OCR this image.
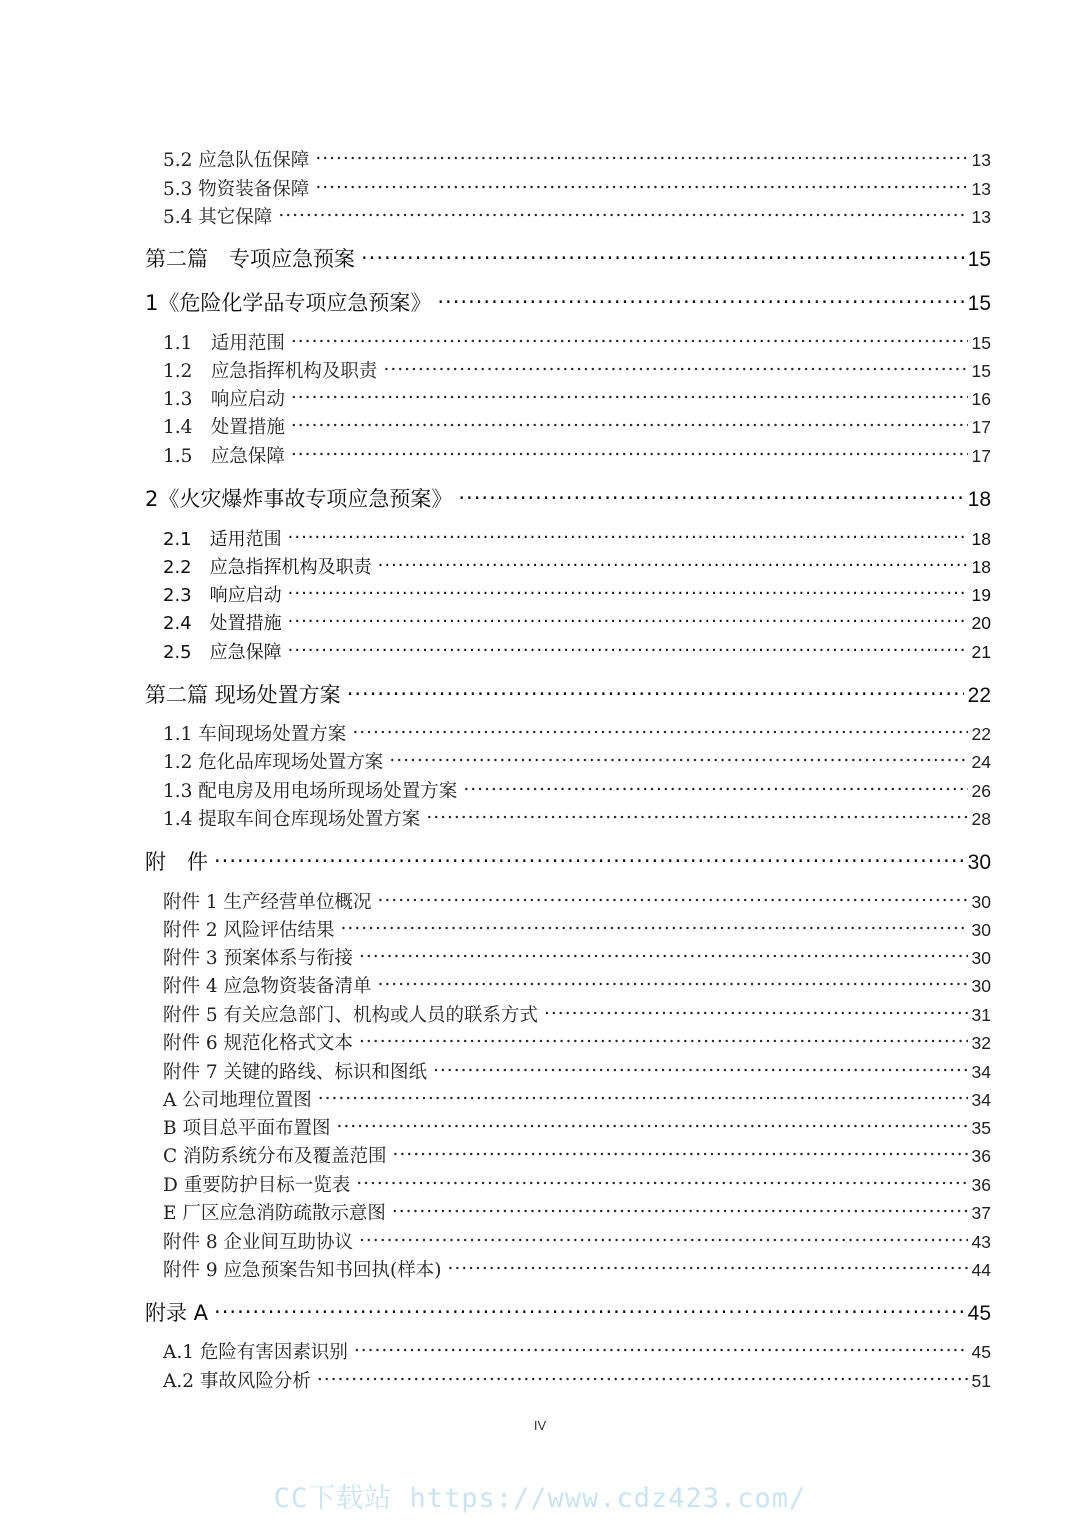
5.2 应急队伍保障 .....	13
5.3 物资装备保障 .....	13
5.4 其它保障 .....	13
第二篇　专项应急预案 .....	15
1《危险化学品专项应急预案》 .....	15
1.1　适用范围 .....	15
1.2　应急指挥机构及职责 .....	15
1.3　响应启动 .....	16
1.4　处置措施 .....	17
1.5　应急保障 .....	17
2《火灾爆炸事故专项应急预案》 .....	18
2.1　适用范围 .....	18
2.2　应急指挥机构及职责 .....	18
2.3　响应启动 .....	19
2.4　处置措施 .....	20
2.5　应急保障 .....	21
第二篇 现场处置方案 .....	22
1.1 车间现场处置方案 .....	22
1.2 危化品库现场处置方案 .....	24
1.3 配电房及用电场所现场处置方案 .....	26
1.4 提取车间仓库现场处置方案 .....	28
附　件 .....	30
附件 1 生产经营单位概况 .....	30
附件 2 风险评估结果 .....	30
附件 3 预案体系与衔接 .....	30
附件 4 应急物资装备清单 .....	30
附件 5 有关应急部门、机构或人员的联系方式 .....	31
附件 6 规范化格式文本 .....	32
附件 7 关键的路线、标识和图纸 .....	34
A 公司地理位置图 .....	34
B 项目总平面布置图 .....	35
C 消防系统分布及覆盖范围 .....	36
D 重要防护目标一览表 .....	36
E 厂区应急消防疏散示意图 .....	37
附件 8 企业间互助协议 .....	43
附件 9 应急预案告知书回执(样本) .....	44
附录 A .....	45
A.1 危险有害因素识别 .....	45
A.2 事故风险分析 .....	51
IV
CC下载站 https://www.cdz423.com/
